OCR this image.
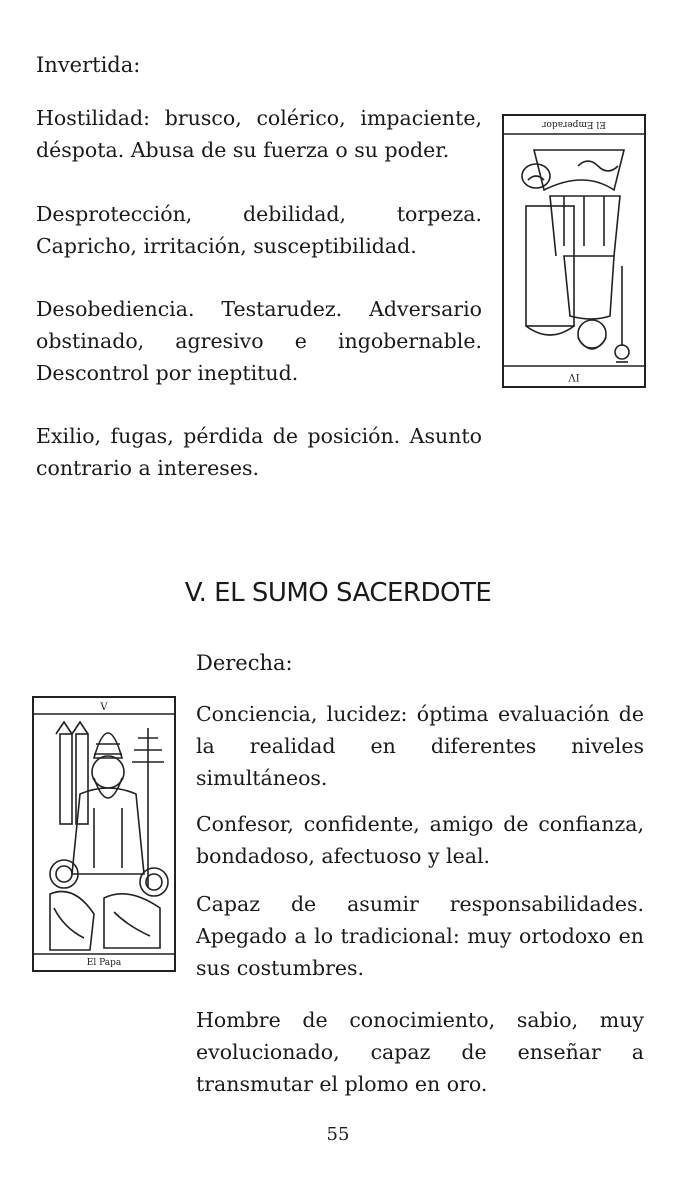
Invertida:

Hostilidad: brusco, colérico, impaciente, déspota. Abusa de su fuerza o su poder.

Desprotección, debilidad, torpeza. Capricho, irritación, susceptibilidad.

Desobediencia. Testarudez. Adversario obstinado, agresivo e ingobernable. Descontrol por ineptitud.

Exilio, fugas, pérdida de posición. Asunto contrario a intereses.

El Emperador
IV
V. EL SUMO SACERDOTE
Derecha:

Conciencia, lucidez: óptima evaluación de la realidad en diferentes niveles simultáneos.

Confesor, confidente, amigo de confianza, bondadoso, afectuoso y leal.

Capaz de asumir responsabilidades. Apegado a lo tradicional: muy ortodoxo en sus costumbres.

Hombre de conocimiento, sabio, muy evolucionado, capaz de enseñar a transmutar el plomo en oro.

V
El Papa
55
